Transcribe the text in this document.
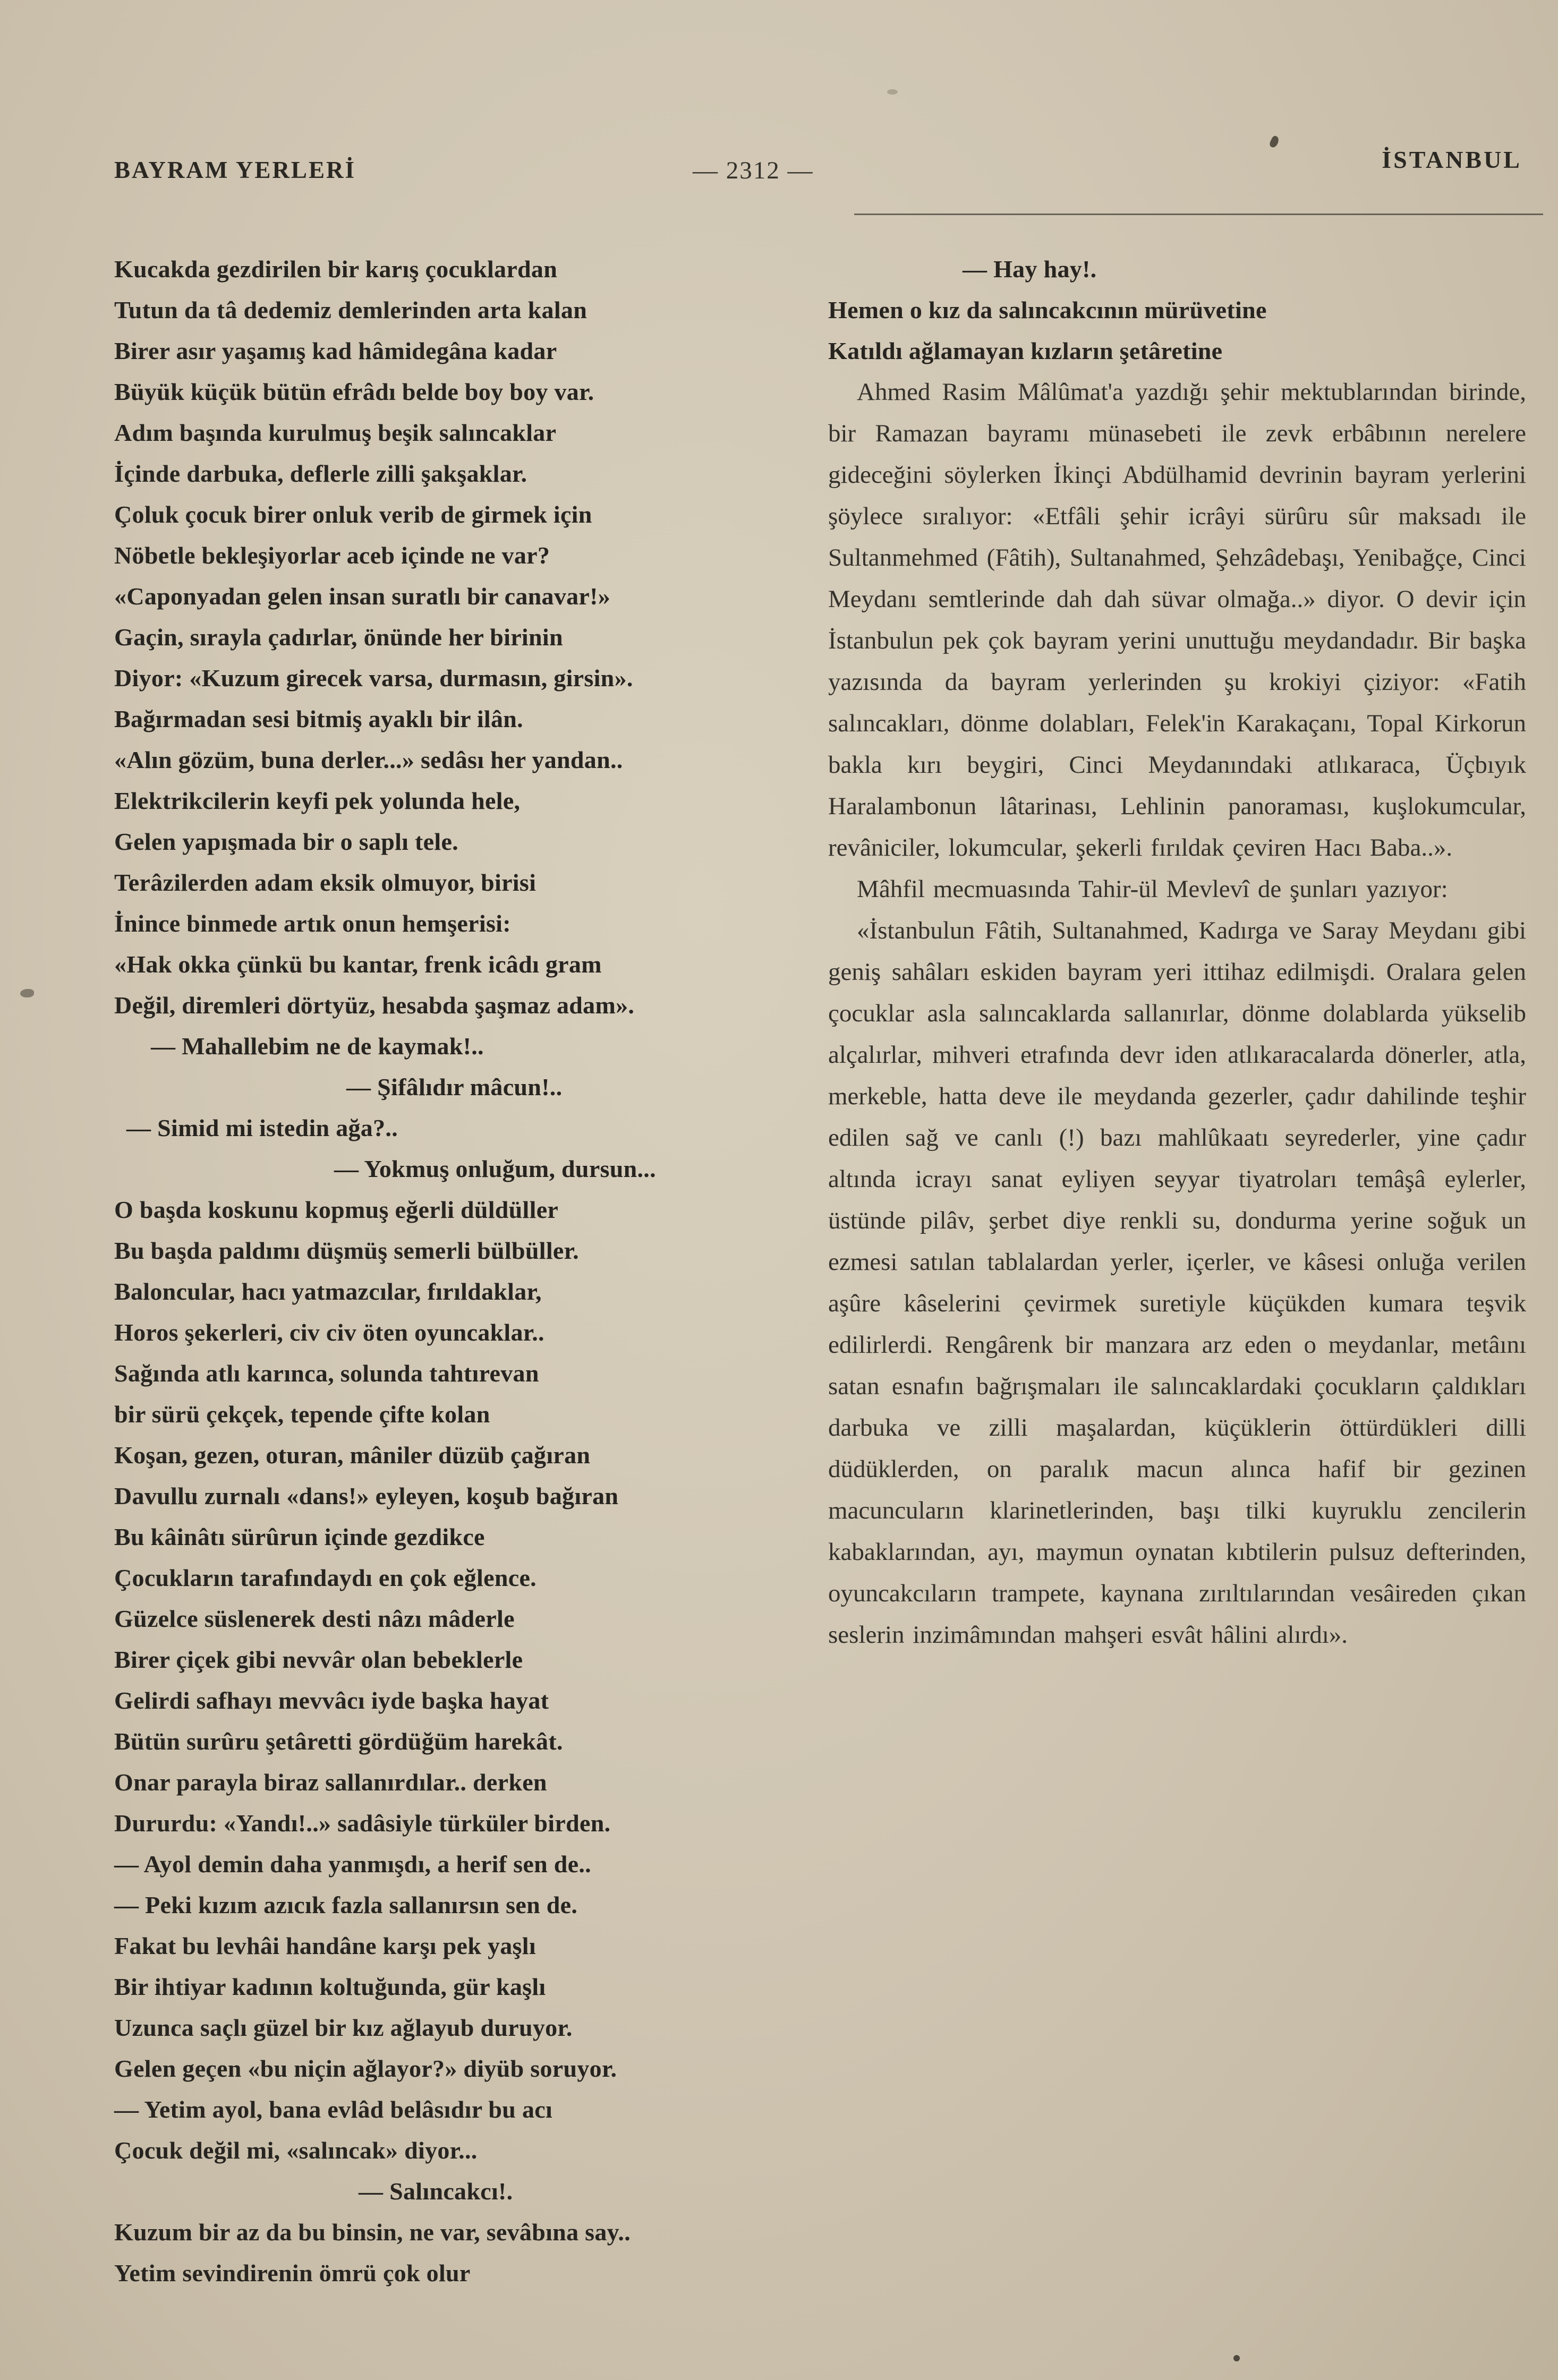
BAYRAM YERLERİ	— 2312 —	İSTANBUL
Kucakda gezdirilen bir karış çocuklardan
Tutun da tâ dedemiz demlerinden arta kalan
Birer asır yaşamış kad hâmidegâna kadar
Büyük küçük bütün efrâdı belde boy boy var.
Adım başında kurulmuş beşik salıncaklar
İçinde darbuka, deflerle zilli şakşaklar.
Çoluk çocuk birer onluk verib de girmek için
Nöbetle bekleşiyorlar aceb içinde ne var?
«Caponyadan gelen insan suratlı bir canavar!»
Gaçin, sırayla çadırlar, önünde her birinin
Diyor: «Kuzum girecek varsa, durmasın, girsin».
Bağırmadan sesi bitmiş ayaklı bir ilân.
«Alın gözüm, buna derler...» sedâsı her yandan..
Elektrikcilerin keyfi pek yolunda hele,
Gelen yapışmada bir o saplı tele.
Terâzilerden adam eksik olmuyor, birisi
İnince binmede artık onun hemşerisi:
«Hak okka çünkü bu kantar, frenk icâdı gram
Değil, diremleri dörtyüz, hesabda şaşmaz adam».
— Mahallebim ne de kaymak!..
— Şifâlıdır mâcun!..
— Simid mi istedin ağa?..
— Yokmuş onluğum, dursun...
O başda koskunu kopmuş eğerli düldüller
Bu başda paldımı düşmüş semerli bülbüller.
Baloncular, hacı yatmazcılar, fırıldaklar,
Horos şekerleri, civ civ öten oyuncaklar..
Sağında atlı karınca, solunda tahtırevan
bir sürü çekçek, tepende çifte kolan
Koşan, gezen, oturan, mâniler düzüb çağıran
Davullu zurnalı «dans!» eyleyen, koşub bağıran
Bu kâinâtı sürûrun içinde gezdikce
Çocukların tarafındaydı en çok eğlence.
Güzelce süslenerek desti nâzı mâderle
Birer çiçek gibi nevvâr olan bebeklerle
Gelirdi safhayı mevvâcı iyde başka hayat
Bütün surûru şetâretti gördüğüm harekât.
Onar parayla biraz sallanırdılar.. derken
Dururdu: «Yandı!..» sadâsiyle türküler birden.
— Ayol demin daha yanmışdı, a herif sen de..
— Peki kızım azıcık fazla sallanırsın sen de.
Fakat bu levhâi handâne karşı pek yaşlı
Bir ihtiyar kadının koltuğunda, gür kaşlı
Uzunca saçlı güzel bir kız ağlayub duruyor.
Gelen geçen «bu niçin ağlayor?» diyüb soruyor.
— Yetim ayol, bana evlâd belâsıdır bu acı
Çocuk değil mi, «salıncak» diyor...
— Salıncakcı!.
Kuzum bir az da bu binsin, ne var, sevâbına say..
Yetim sevindirenin ömrü çok olur
— Hay hay!.
Hemen o kız da salıncakcının mürüvetine
Katıldı ağlamayan kızların şetâretine

Ahmed Rasim Mâlûmat'a yazdığı şehir mektublarından birinde, bir Ramazan bayramı münasebeti ile zevk erbâbının nerelere gideceğini söylerken İkinçi Abdülhamid devrinin bayram yerlerini şöylece sıralıyor: «Etfâli şehir icrâyi sürûru sûr maksadı ile Sultanmehmed (Fâtih), Sultanahmed, Şehzâdebaşı, Yenibağçe, Cinci Meydanı semtlerinde dah dah süvar olmağa..» diyor. O devir için İstanbulun pek çok bayram yerini unuttuğu meydandadır. Bir başka yazısında da bayram yerlerinden şu krokiyi çiziyor: «Fatih salıncakları, dönme dolabları, Felek'in Karakaçanı, Topal Kirkorun bakla kırı beygiri, Cinci Meydanındaki atlıkaraca, Üçbıyık Haralambonun lâtarinası, Lehlinin panoraması, kuşlokumcular, revâniciler, lokumcular, şekerli fırıldak çeviren Hacı Baba..».

Mâhfil mecmuasında Tahir-ül Mevlevî de şunları yazıyor:

«İstanbulun Fâtih, Sultanahmed, Kadırga ve Saray Meydanı gibi geniş sahâları eskiden bayram yeri ittihaz edilmişdi. Oralara gelen çocuklar asla salıncaklarda sallanırlar, dönme dolablarda yükselib alçalırlar, mihveri etrafında devr iden atlıkaracalarda dönerler, atla, merkeble, hatta deve ile meydanda gezerler, çadır dahilinde teşhir edilen sağ ve canlı (!) bazı mahlûkaatı seyrederler, yine çadır altında icrayı sanat eyliyen seyyar tiyatroları temâşâ eylerler, üstünde pilâv, şerbet diye renkli su, dondurma yerine soğuk un ezmesi satılan tablalardan yerler, içerler, ve kâsesi onluğa verilen aşûre kâselerini çevirmek suretiyle küçükden kumara teşvik edilirlerdi. Rengârenk bir manzara arz eden o meydanlar, metâını satan esnafın bağrışmaları ile salıncaklardaki çocukların çaldıkları darbuka ve zilli maşalardan, küçüklerin öttürdükleri dilli düdüklerden, on paralık macun alınca hafif bir gezinen macuncuların klarinetlerinden, başı tilki kuyruklu zencilerin kabaklarından, ayı, maymun oynatan kıbtilerin pulsuz defterinden, oyuncakcıların trampete, kaynana zırıltılarından vesâireden çıkan seslerin inzimâmından mahşeri esvât hâlini alırdı».
